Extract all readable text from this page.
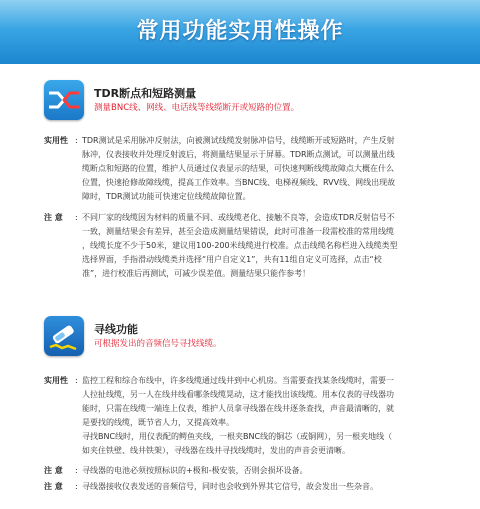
常用功能实用性操作
TDR断点和短路测量
测量BNC线、网线、电话线等线缆断开或短路的位置。
实用性 : TDR测试是采用脉冲反射法，向被测试线缆发射脉冲信号，线缆断开或短路时，产生反射
脉冲，仪表接收并处理反射波后，将测量结果显示于屏幕。TDR断点测试，可以测量出线
缆断点和短路的位置，维护人员通过仪表显示的结果，可快速判断线缆故障点大概在什么
位置，快速抢修故障线缆，提高工作效率。当BNC线、电梯视频线、RVV线、网线出现故
障时，TDR测试功能可快速定位线缆故障位置。
注 意 : 不同厂家的线缆因为材料的质量不同、或线缆老化、接触不良等，会造成TDR反射信号不
一致，测量结果会有差异，甚至会造成测量结果错误，此时可准备一段需校准的常用线缆
，线缆长度不少于50米，建议用100-200米线缆进行校准。点击线缆名称栏进入线缆类型
选择界面，手指滑动线缆类并选择“用户自定义1”，共有11组自定义可选择，点击“校
准”，进行校准后再测试，可减少误差值。测量结果只能作参考！
寻线功能
可根据发出的音频信号寻找线缆。
实用性 : 监控工程和综合布线中，许多线缆通过线井到中心机房。当需要查找某条线缆时，需要一
人拉扯线缆，另一人在线井线看哪条线缆晃动，这才能找出该线缆。用本仪表的寻线器功
能时，只需在线缆一端连上仪表，维护人员拿寻线器在线井逐条查找，声音最清晰的，就
是要找的线缆，既节省人力，又提高效率。
寻找BNC线时，用仪表配的鳄鱼夹线，一根夹BNC线的铜芯（或铜网），另一根夹地线（
如夹住铁壁、线井铁架），寻线器在线井寻找线缆时，发出的声音会更清晰。
注 意 : 寻线器的电池必须按照标识的+极和-极安装，否则会损坏设备。
注 意 : 寻线器接收仪表发送的音频信号，同时也会收到外界其它信号，故会发出一些杂音。
